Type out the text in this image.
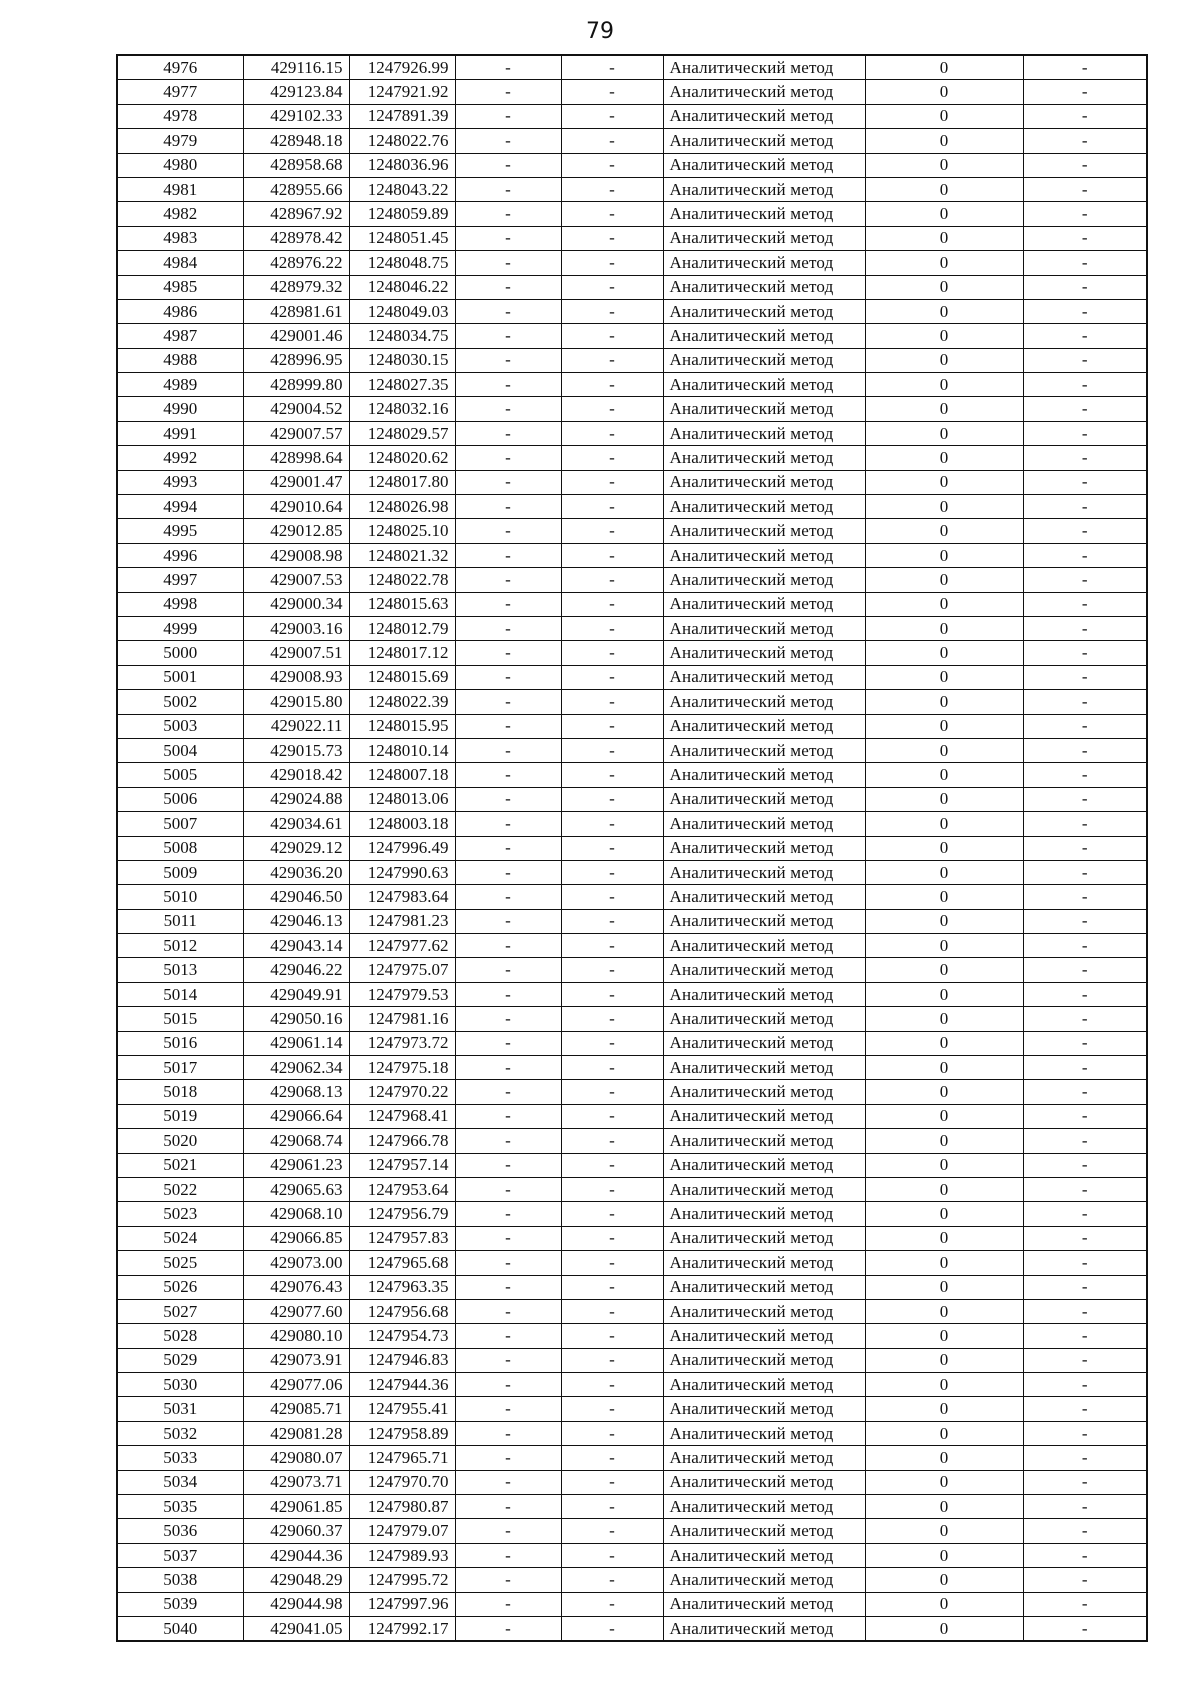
79
4976	429116.15	1247926.99	-	-	Аналитический метод	0	-
4977	429123.84	1247921.92	-	-	Аналитический метод	0	-
4978	429102.33	1247891.39	-	-	Аналитический метод	0	-
4979	428948.18	1248022.76	-	-	Аналитический метод	0	-
4980	428958.68	1248036.96	-	-	Аналитический метод	0	-
4981	428955.66	1248043.22	-	-	Аналитический метод	0	-
4982	428967.92	1248059.89	-	-	Аналитический метод	0	-
4983	428978.42	1248051.45	-	-	Аналитический метод	0	-
4984	428976.22	1248048.75	-	-	Аналитический метод	0	-
4985	428979.32	1248046.22	-	-	Аналитический метод	0	-
4986	428981.61	1248049.03	-	-	Аналитический метод	0	-
4987	429001.46	1248034.75	-	-	Аналитический метод	0	-
4988	428996.95	1248030.15	-	-	Аналитический метод	0	-
4989	428999.80	1248027.35	-	-	Аналитический метод	0	-
4990	429004.52	1248032.16	-	-	Аналитический метод	0	-
4991	429007.57	1248029.57	-	-	Аналитический метод	0	-
4992	428998.64	1248020.62	-	-	Аналитический метод	0	-
4993	429001.47	1248017.80	-	-	Аналитический метод	0	-
4994	429010.64	1248026.98	-	-	Аналитический метод	0	-
4995	429012.85	1248025.10	-	-	Аналитический метод	0	-
4996	429008.98	1248021.32	-	-	Аналитический метод	0	-
4997	429007.53	1248022.78	-	-	Аналитический метод	0	-
4998	429000.34	1248015.63	-	-	Аналитический метод	0	-
4999	429003.16	1248012.79	-	-	Аналитический метод	0	-
5000	429007.51	1248017.12	-	-	Аналитический метод	0	-
5001	429008.93	1248015.69	-	-	Аналитический метод	0	-
5002	429015.80	1248022.39	-	-	Аналитический метод	0	-
5003	429022.11	1248015.95	-	-	Аналитический метод	0	-
5004	429015.73	1248010.14	-	-	Аналитический метод	0	-
5005	429018.42	1248007.18	-	-	Аналитический метод	0	-
5006	429024.88	1248013.06	-	-	Аналитический метод	0	-
5007	429034.61	1248003.18	-	-	Аналитический метод	0	-
5008	429029.12	1247996.49	-	-	Аналитический метод	0	-
5009	429036.20	1247990.63	-	-	Аналитический метод	0	-
5010	429046.50	1247983.64	-	-	Аналитический метод	0	-
5011	429046.13	1247981.23	-	-	Аналитический метод	0	-
5012	429043.14	1247977.62	-	-	Аналитический метод	0	-
5013	429046.22	1247975.07	-	-	Аналитический метод	0	-
5014	429049.91	1247979.53	-	-	Аналитический метод	0	-
5015	429050.16	1247981.16	-	-	Аналитический метод	0	-
5016	429061.14	1247973.72	-	-	Аналитический метод	0	-
5017	429062.34	1247975.18	-	-	Аналитический метод	0	-
5018	429068.13	1247970.22	-	-	Аналитический метод	0	-
5019	429066.64	1247968.41	-	-	Аналитический метод	0	-
5020	429068.74	1247966.78	-	-	Аналитический метод	0	-
5021	429061.23	1247957.14	-	-	Аналитический метод	0	-
5022	429065.63	1247953.64	-	-	Аналитический метод	0	-
5023	429068.10	1247956.79	-	-	Аналитический метод	0	-
5024	429066.85	1247957.83	-	-	Аналитический метод	0	-
5025	429073.00	1247965.68	-	-	Аналитический метод	0	-
5026	429076.43	1247963.35	-	-	Аналитический метод	0	-
5027	429077.60	1247956.68	-	-	Аналитический метод	0	-
5028	429080.10	1247954.73	-	-	Аналитический метод	0	-
5029	429073.91	1247946.83	-	-	Аналитический метод	0	-
5030	429077.06	1247944.36	-	-	Аналитический метод	0	-
5031	429085.71	1247955.41	-	-	Аналитический метод	0	-
5032	429081.28	1247958.89	-	-	Аналитический метод	0	-
5033	429080.07	1247965.71	-	-	Аналитический метод	0	-
5034	429073.71	1247970.70	-	-	Аналитический метод	0	-
5035	429061.85	1247980.87	-	-	Аналитический метод	0	-
5036	429060.37	1247979.07	-	-	Аналитический метод	0	-
5037	429044.36	1247989.93	-	-	Аналитический метод	0	-
5038	429048.29	1247995.72	-	-	Аналитический метод	0	-
5039	429044.98	1247997.96	-	-	Аналитический метод	0	-
5040	429041.05	1247992.17	-	-	Аналитический метод	0	-
